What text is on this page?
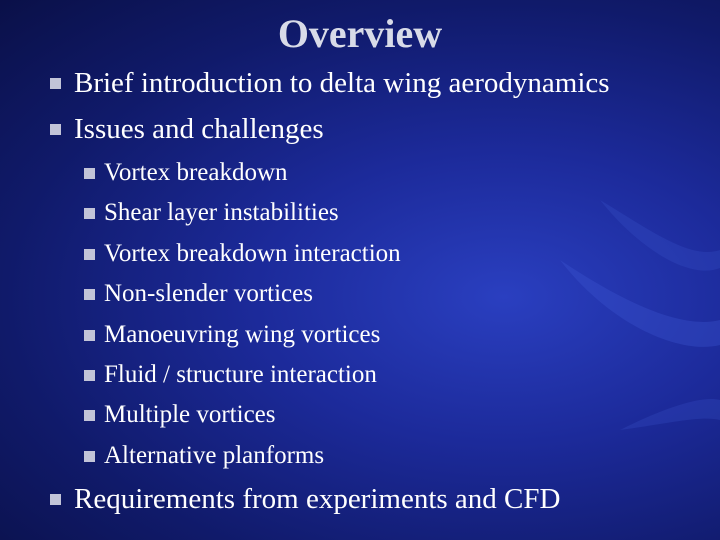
Overview
Brief introduction to delta wing aerodynamics
Issues and challenges
Vortex breakdown
Shear layer instabilities
Vortex breakdown interaction
Non-slender vortices
Manoeuvring wing vortices
Fluid / structure interaction
Multiple vortices
Alternative planforms
Requirements from experiments and CFD
